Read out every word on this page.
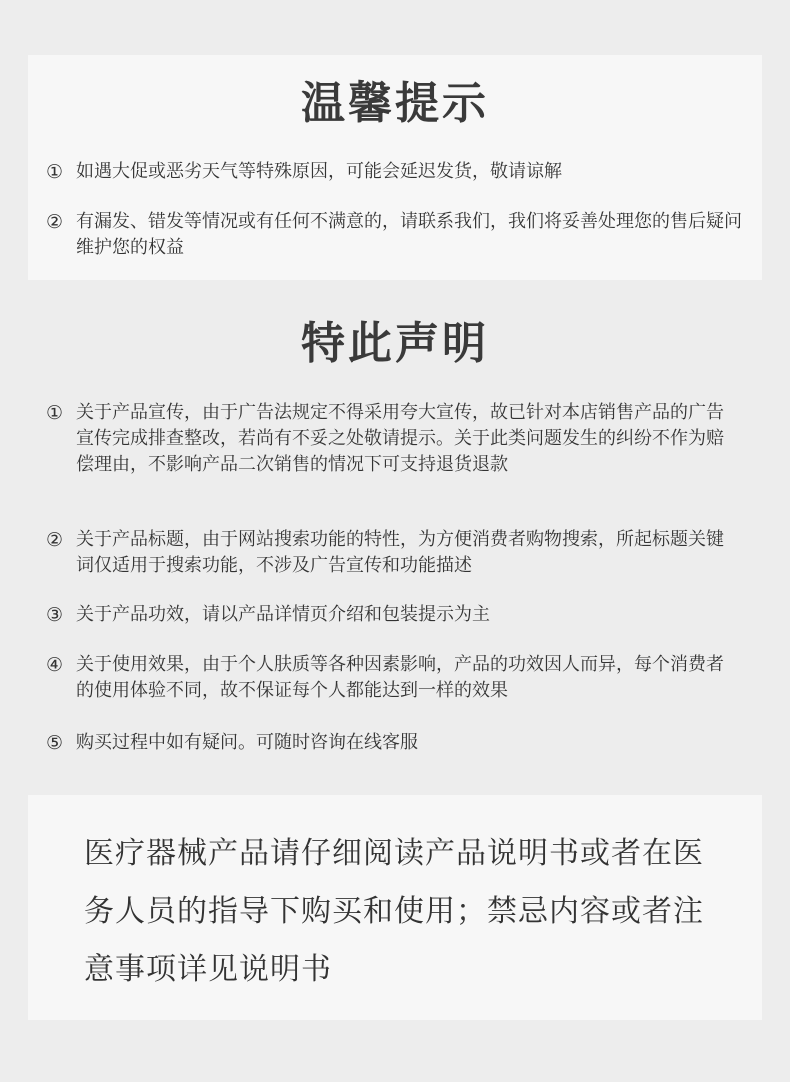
温馨提示
① 如遇大促或恶劣天气等特殊原因，可能会延迟发货，敬请谅解
② 有漏发、错发等情况或有任何不满意的，请联系我们，我们将妥善处理您的售后疑问维护您的权益
特此声明
① 关于产品宣传，由于广告法规定不得采用夸大宣传，故已针对本店销售产品的广告宣传完成排查整改，若尚有不妥之处敬请提示。关于此类问题发生的纠纷不作为赔偿理由，不影响产品二次销售的情况下可支持退货退款
② 关于产品标题，由于网站搜索功能的特性，为方便消费者购物搜索，所起标题关键词仅适用于搜索功能，不涉及广告宣传和功能描述
③ 关于产品功效，请以产品详情页介绍和包装提示为主
④ 关于使用效果，由于个人肤质等各种因素影响，产品的功效因人而异，每个消费者的使用体验不同，故不保证每个人都能达到一样的效果
⑤ 购买过程中如有疑问。可随时咨询在线客服
医疗器械产品请仔细阅读产品说明书或者在医务人员的指导下购买和使用；禁忌内容或者注意事项详见说明书
